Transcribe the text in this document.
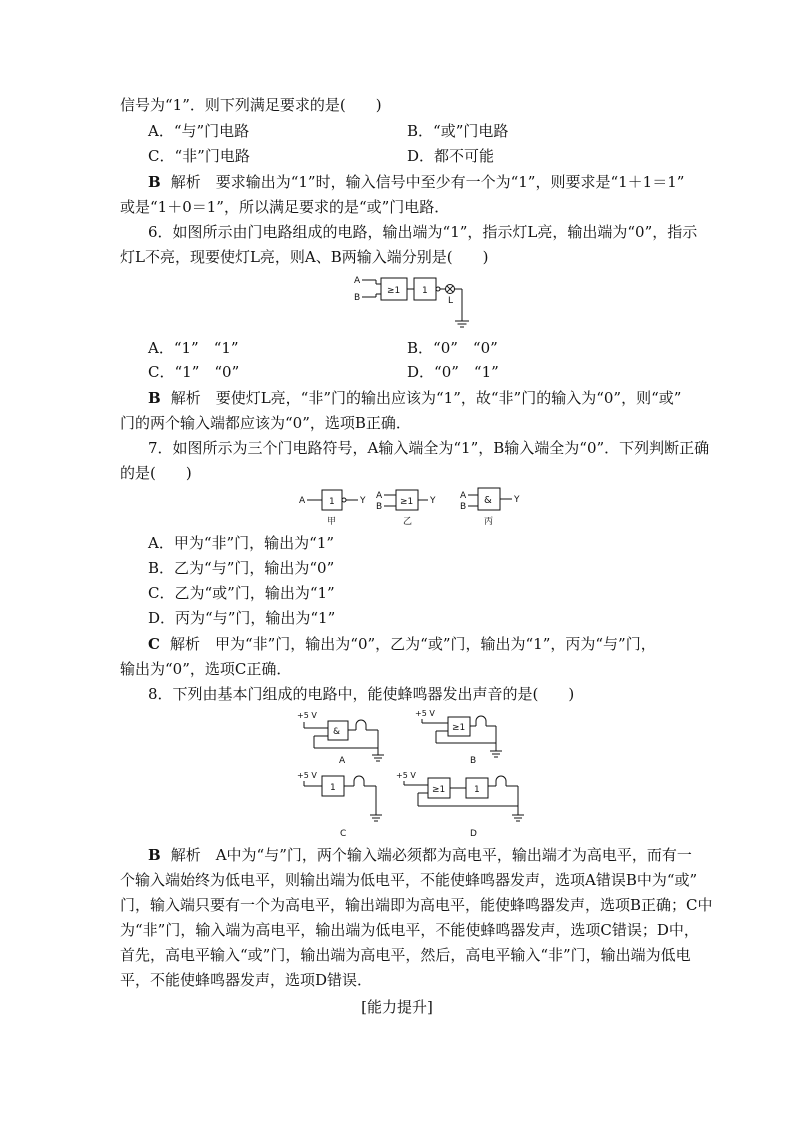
信号为“1”．则下列满足要求的是(　　)
A．“与”门电路	B．“或”门电路
C．“非”门电路	D．都不可能
B 解析　要求输出为“1”时，输入信号中至少有一个为“1”，则要求是“1＋1＝1”
或是“1＋0＝1”，所以满足要求的是“或”门电路．
6．如图所示由门电路组成的电路，输出端为“1”，指示灯L亮，输出端为“0”，指示
灯L不亮，现要使灯L亮，则A、B两输入端分别是(　　)
A
B
≥1 1
L
A．“1”　“1”	B．“0”　“0”
C．“1”　“0”	D．“0”　“1”
B 解析　要使灯L亮，“非”门的输出应该为“1”，故“非”门的输入为“0”，则“或”
门的两个输入端都应该为“0”，选项B正确．
7．如图所示为三个门电路符号，A输入端全为“1”，B输入端全为“0”．下列判断正确
的是(　　)
A	1	Y
甲
A
B ≥1 Y
乙
A
B
& Y
丙
A．甲为“非”门，输出为“1”
B．乙为“与”门，输出为“0”
C．乙为“或”门，输出为“1”
D．丙为“与”门，输出为“1”
C 解析　甲为“非”门，输出为“0”，乙为“或”门，输出为“1”，丙为“与”门，
输出为“0”，选项C正确．
8．下列由基本门组成的电路中，能使蜂鸣器发出声音的是(　　)
+5 V
&
A
+5 V
≥1
B
+5 V
1
C
+5 V
≥1	1
D
B 解析　A中为“与”门，两个输入端必须都为高电平，输出端才为高电平，而有一
个输入端始终为低电平，则输出端为低电平，不能使蜂鸣器发声，选项A错误B中为“或”
门，输入端只要有一个为高电平，输出端即为高电平，能使蜂鸣器发声，选项B正确；C中
为“非”门，输入端为高电平，输出端为低电平，不能使蜂鸣器发声，选项C错误；D中，
首先，高电平输入“或”门，输出端为高电平，然后，高电平输入“非”门，输出端为低电
平，不能使蜂鸣器发声，选项D错误．
[能力提升]
